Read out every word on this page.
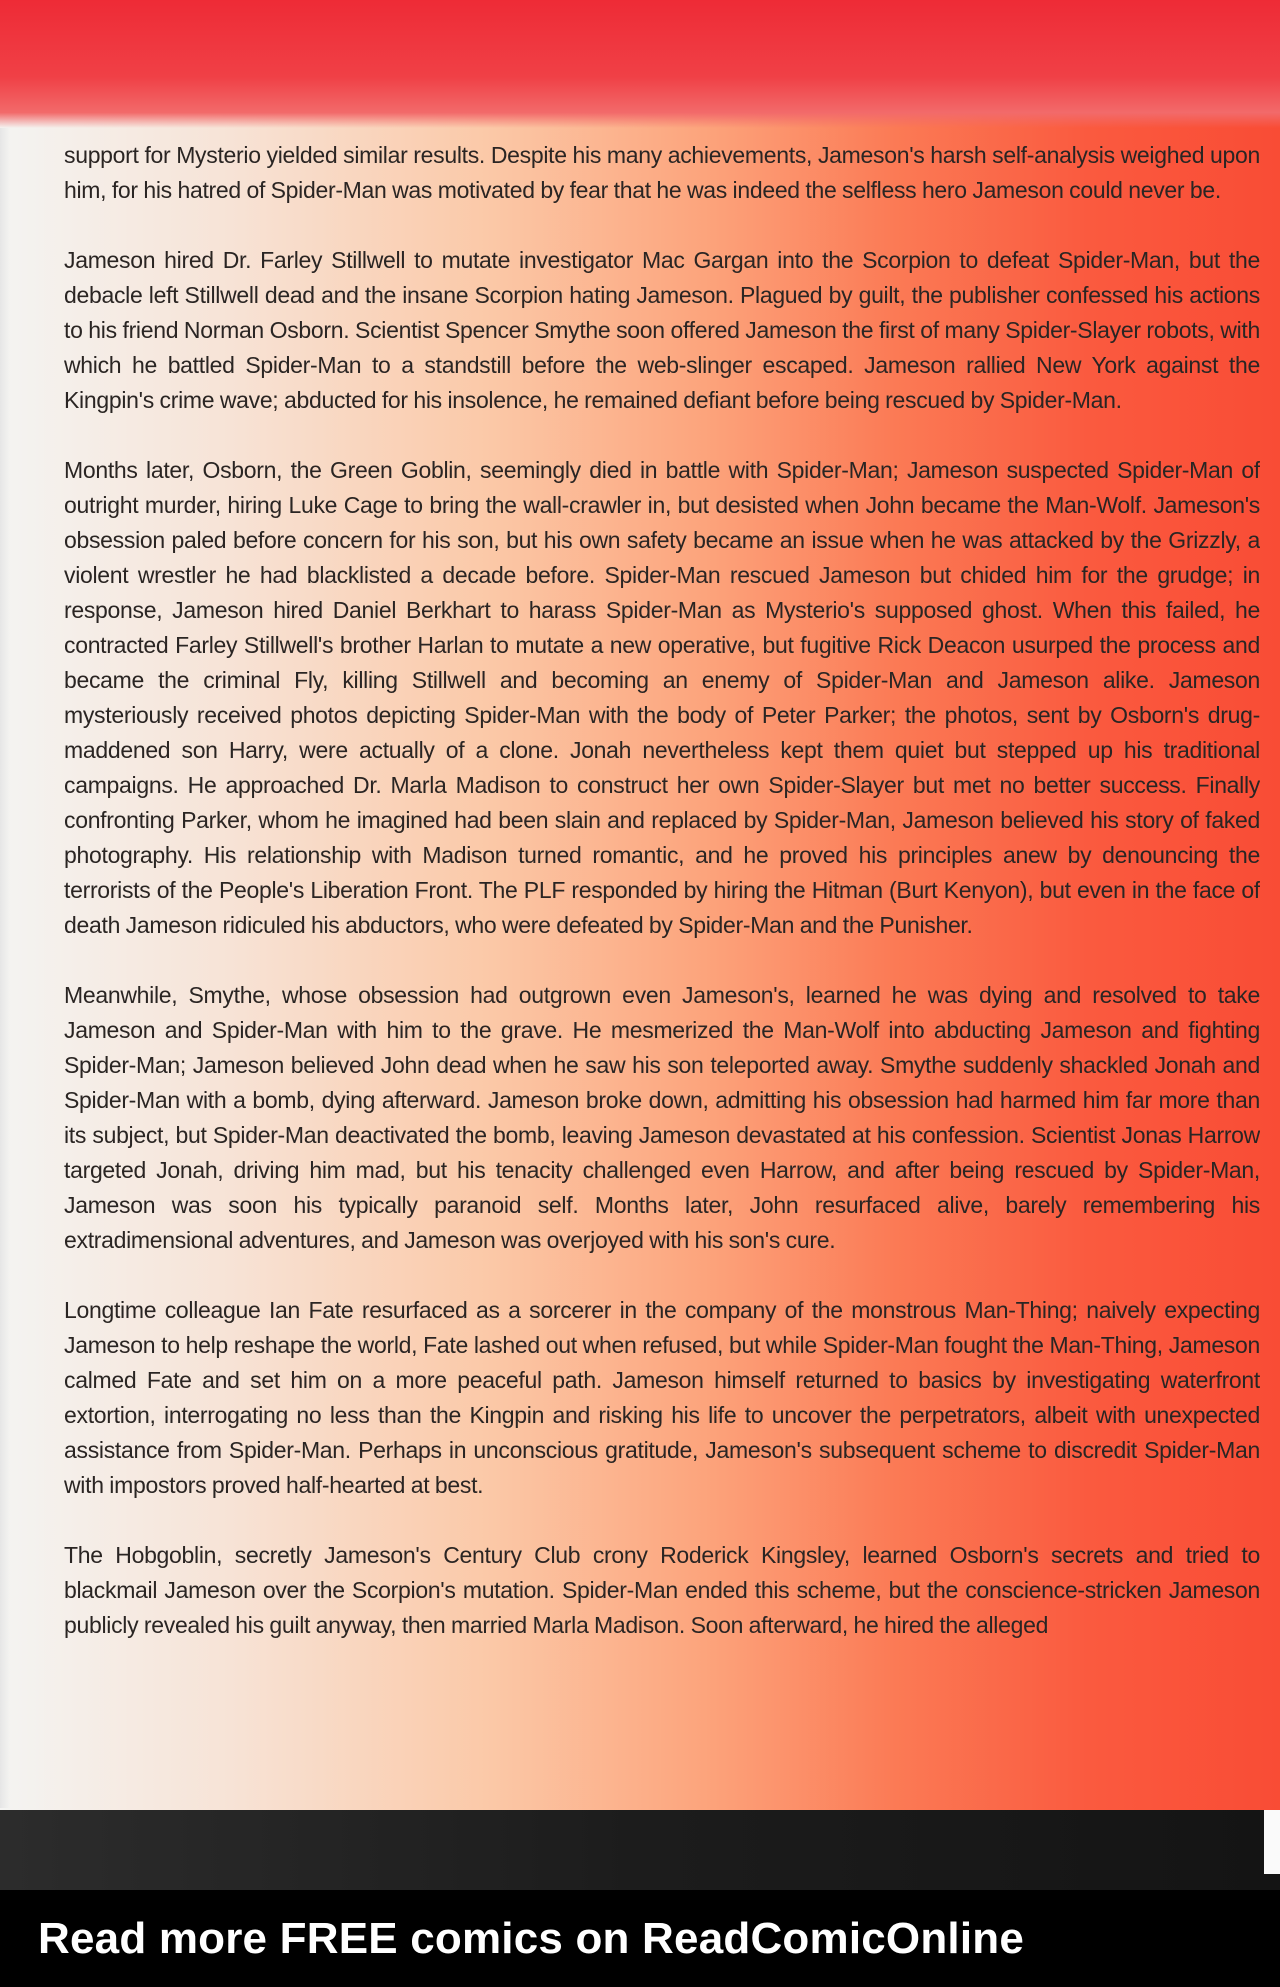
support for Mysterio yielded similar results. Despite his many achievements, Jameson's harsh self-analysis weighed upon him, for his hatred of Spider-Man was motivated by fear that he was indeed the selfless hero Jameson could never be.

Jameson hired Dr. Farley Stillwell to mutate investigator Mac Gargan into the Scorpion to defeat Spider-Man, but the debacle left Stillwell dead and the insane Scorpion hating Jameson. Plagued by guilt, the publisher confessed his actions to his friend Norman Osborn. Scientist Spencer Smythe soon offered Jameson the first of many Spider-Slayer robots, with which he battled Spider-Man to a standstill before the web-slinger escaped. Jameson rallied New York against the Kingpin's crime wave; abducted for his insolence, he remained defiant before being rescued by Spider-Man.

Months later, Osborn, the Green Goblin, seemingly died in battle with Spider-Man; Jameson suspected Spider-Man of outright murder, hiring Luke Cage to bring the wall-crawler in, but desisted when John became the Man-Wolf. Jameson's obsession paled before concern for his son, but his own safety became an issue when he was attacked by the Grizzly, a violent wrestler he had blacklisted a decade before. Spider-Man rescued Jameson but chided him for the grudge; in response, Jameson hired Daniel Berkhart to harass Spider-Man as Mysterio's supposed ghost. When this failed, he contracted Farley Stillwell's brother Harlan to mutate a new operative, but fugitive Rick Deacon usurped the process and became the criminal Fly, killing Stillwell and becoming an enemy of Spider-Man and Jameson alike. Jameson mysteriously received photos depicting Spider-Man with the body of Peter Parker; the photos, sent by Osborn's drug-maddened son Harry, were actually of a clone. Jonah nevertheless kept them quiet but stepped up his traditional campaigns. He approached Dr. Marla Madison to construct her own Spider-Slayer but met no better success. Finally confronting Parker, whom he imagined had been slain and replaced by Spider-Man, Jameson believed his story of faked photography. His relationship with Madison turned romantic, and he proved his principles anew by denouncing the terrorists of the People's Liberation Front. The PLF responded by hiring the Hitman (Burt Kenyon), but even in the face of death Jameson ridiculed his abductors, who were defeated by Spider-Man and the Punisher.

Meanwhile, Smythe, whose obsession had outgrown even Jameson's, learned he was dying and resolved to take Jameson and Spider-Man with him to the grave. He mesmerized the Man-Wolf into abducting Jameson and fighting Spider-Man; Jameson believed John dead when he saw his son teleported away. Smythe suddenly shackled Jonah and Spider-Man with a bomb, dying afterward. Jameson broke down, admitting his obsession had harmed him far more than its subject, but Spider-Man deactivated the bomb, leaving Jameson devastated at his confession. Scientist Jonas Harrow targeted Jonah, driving him mad, but his tenacity challenged even Harrow, and after being rescued by Spider-Man, Jameson was soon his typically paranoid self. Months later, John resurfaced alive, barely remembering his extradimensional adventures, and Jameson was overjoyed with his son's cure.

Longtime colleague Ian Fate resurfaced as a sorcerer in the company of the monstrous Man-Thing; naively expecting Jameson to help reshape the world, Fate lashed out when refused, but while Spider-Man fought the Man-Thing, Jameson calmed Fate and set him on a more peaceful path. Jameson himself returned to basics by investigating waterfront extortion, interrogating no less than the Kingpin and risking his life to uncover the perpetrators, albeit with unexpected assistance from Spider-Man. Perhaps in unconscious gratitude, Jameson's subsequent scheme to discredit Spider-Man with impostors proved half-hearted at best.

The Hobgoblin, secretly Jameson's Century Club crony Roderick Kingsley, learned Osborn's secrets and tried to blackmail Jameson over the Scorpion's mutation. Spider-Man ended this scheme, but the conscience-stricken Jameson publicly revealed his guilt anyway, then married Marla Madison. Soon afterward, he hired the alleged

Read more FREE comics on ReadComicOnline
